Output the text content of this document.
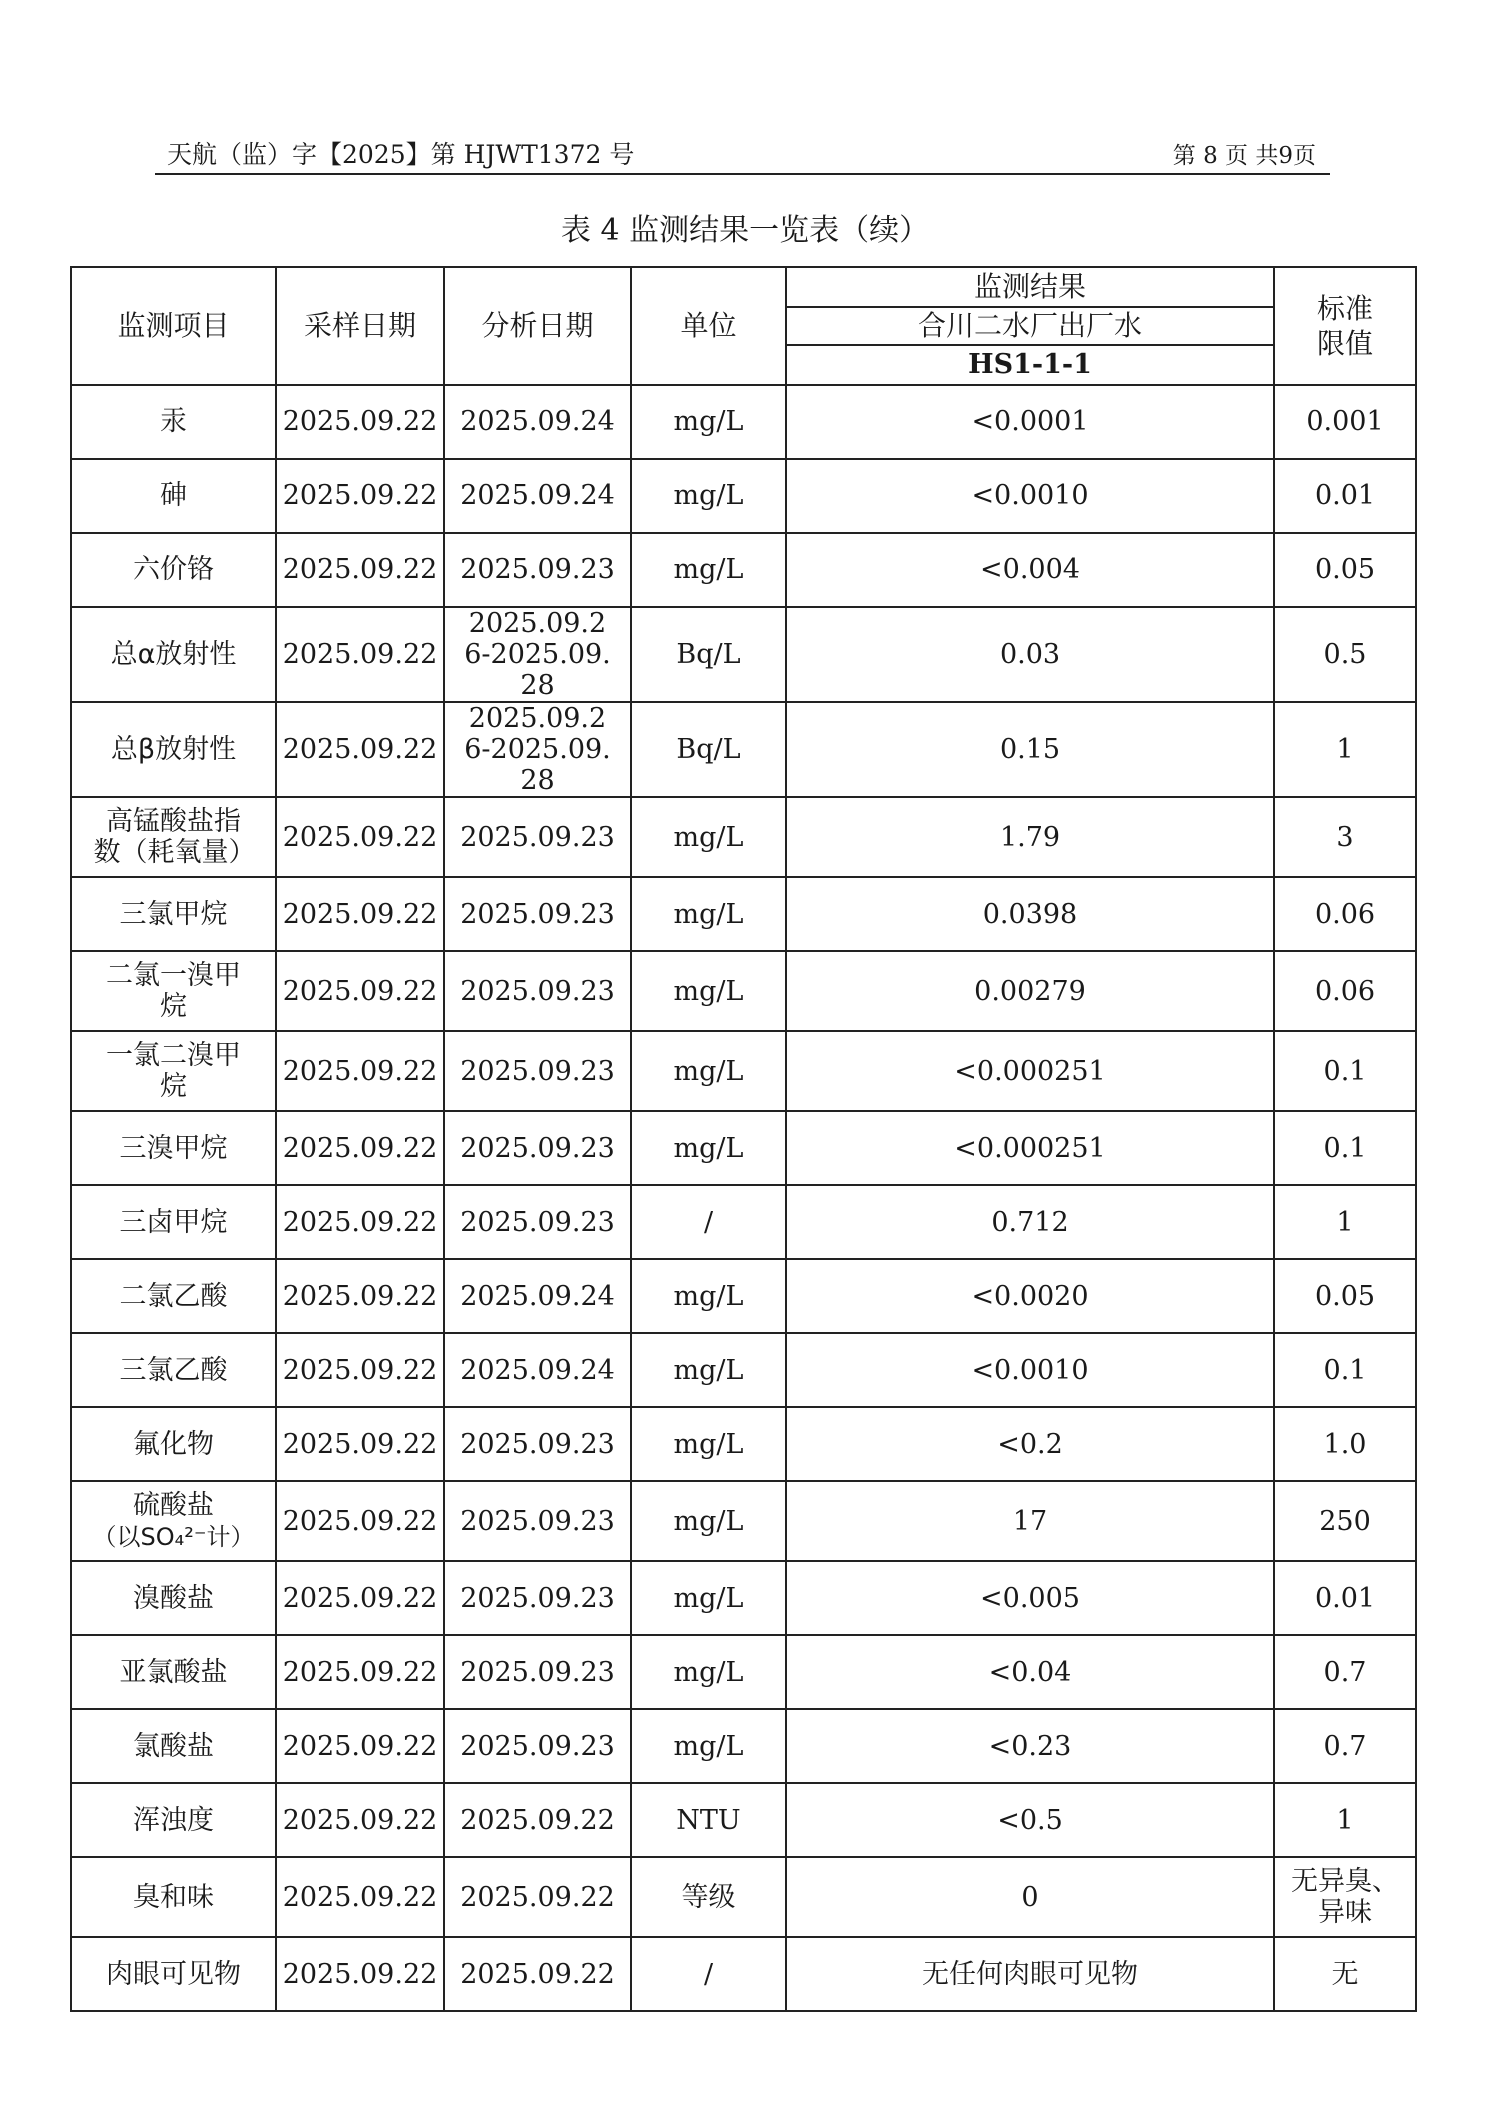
天航（监）字【2025】第 HJWT1372 号	第 8 页 共9页
表 4 监测结果一览表（续）
监测项目	采样日期	分析日期	单位	监测结果	标准限值
				合川二水厂出厂水	
				HS1-1-1	
汞	2025.09.22	2025.09.24	mg/L	<0.0001	0.001
砷	2025.09.22	2025.09.24	mg/L	<0.0010	0.01
六价铬	2025.09.22	2025.09.23	mg/L	<0.004	0.05
总α放射性	2025.09.22	2025.09.26-2025.09.28	Bq/L	0.03	0.5
总β放射性	2025.09.22	2025.09.26-2025.09.28	Bq/L	0.15	1
高锰酸盐指数（耗氧量）	2025.09.22	2025.09.23	mg/L	1.79	3
三氯甲烷	2025.09.22	2025.09.23	mg/L	0.0398	0.06
二氯一溴甲烷	2025.09.22	2025.09.23	mg/L	0.00279	0.06
一氯二溴甲烷	2025.09.22	2025.09.23	mg/L	<0.000251	0.1
三溴甲烷	2025.09.22	2025.09.23	mg/L	<0.000251	0.1
三卤甲烷	2025.09.22	2025.09.23	/	0.712	1
二氯乙酸	2025.09.22	2025.09.24	mg/L	<0.0020	0.05
三氯乙酸	2025.09.22	2025.09.24	mg/L	<0.0010	0.1
氟化物	2025.09.22	2025.09.23	mg/L	<0.2	1.0
硫酸盐
（以SO₄²⁻计）	2025.09.22	2025.09.23	mg/L	17	250
溴酸盐	2025.09.22	2025.09.23	mg/L	<0.005	0.01
亚氯酸盐	2025.09.22	2025.09.23	mg/L	<0.04	0.7
氯酸盐	2025.09.22	2025.09.23	mg/L	<0.23	0.7
浑浊度	2025.09.22	2025.09.22	NTU	<0.5	1
臭和味	2025.09.22	2025.09.22	等级	0	无异臭、异味
肉眼可见物	2025.09.22	2025.09.22	/	无任何肉眼可见物	无
